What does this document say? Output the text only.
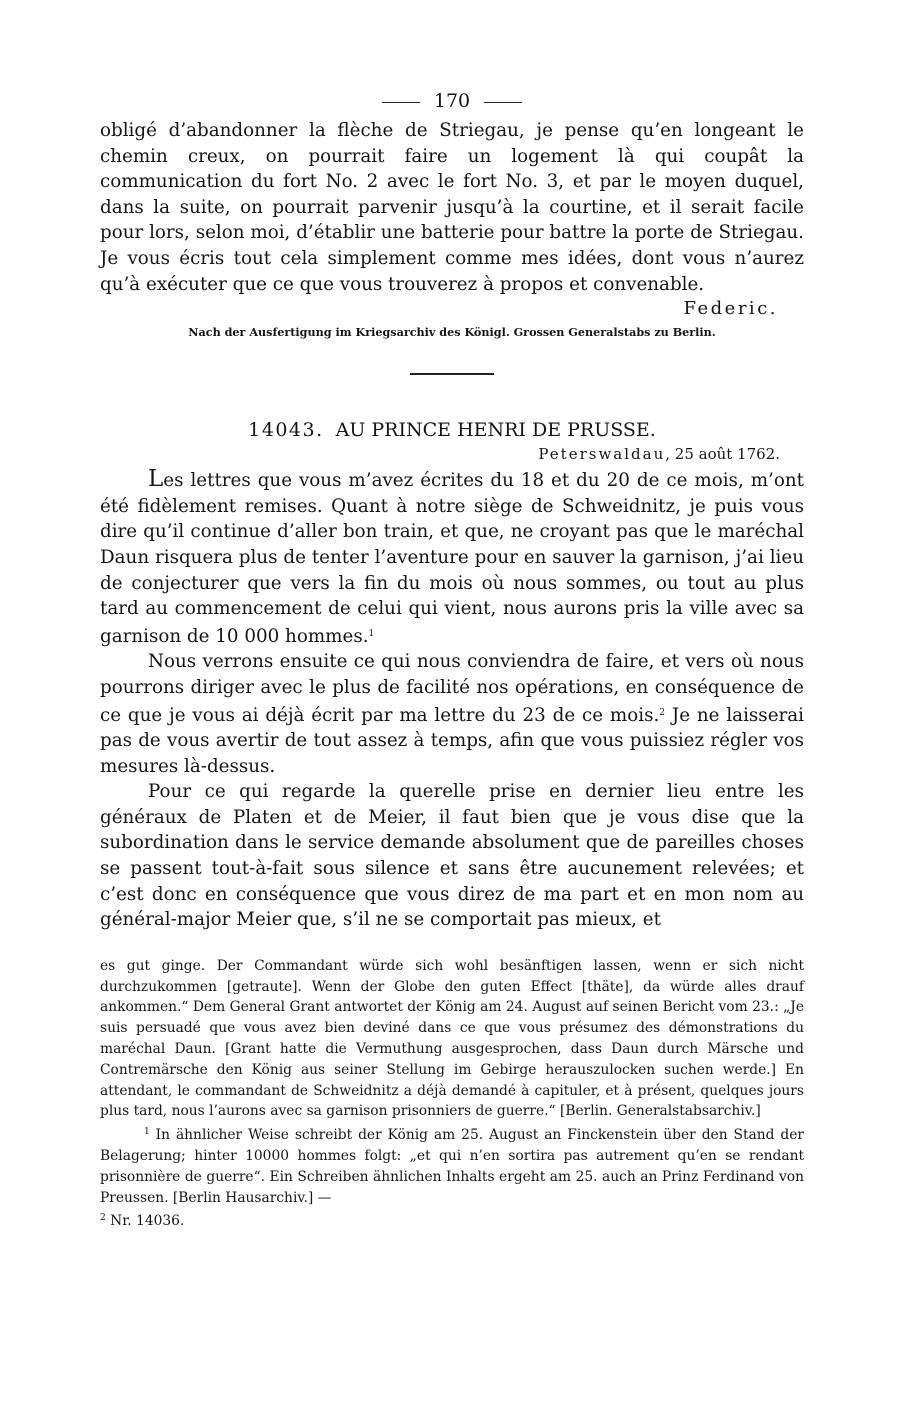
170

obligé d’abandonner la flèche de Striegau, je pense qu’en longeant le chemin creux, on pourrait faire un logement là qui coupât la communication du fort No. 2 avec le fort No. 3, et par le moyen duquel, dans la suite, on pourrait parvenir jusqu’à la courtine, et il serait facile pour lors, selon moi, d’établir une batterie pour battre la porte de Striegau. Je vous écris tout cela simplement comme mes idées, dont vous n’aurez qu’à exécuter que ce que vous trouverez à propos et convenable.

Federic.
Nach der Ausfertigung im Kriegsarchiv des Königl. Grossen Generalstabs zu Berlin.
14043. AU PRINCE HENRI DE PRUSSE.
Peterswaldau, 25 août 1762.

Les lettres que vous m’avez écrites du 18 et du 20 de ce mois, m’ont été fidèlement remises. Quant à notre siège de Schweidnitz, je puis vous dire qu’il continue d’aller bon train, et que, ne croyant pas que le maréchal Daun risquera plus de tenter l’aventure pour en sauver la garnison, j’ai lieu de conjecturer que vers la fin du mois où nous sommes, ou tout au plus tard au commencement de celui qui vient, nous aurons pris la ville avec sa garnison de 10 000 hommes.$^1$

Nous verrons ensuite ce qui nous conviendra de faire, et vers où nous pourrons diriger avec le plus de facilité nos opérations, en conséquence de ce que je vous ai déjà écrit par ma lettre du 23 de ce mois.$^2$ Je ne laisserai pas de vous avertir de tout assez à temps, afin que vous puissiez régler vos mesures là-dessus.

Pour ce qui regarde la querelle prise en dernier lieu entre les généraux de Platen et de Meier, il faut bien que je vous dise que la subordination dans le service demande absolument que de pareilles choses se passent tout-à-fait sous silence et sans être aucunement relevées; et c’est donc en conséquence que vous direz de ma part et en mon nom au général-major Meier que, s’il ne se comportait pas mieux, et

es gut ginge. Der Commandant würde sich wohl besänftigen lassen, wenn er sich nicht durchzukommen [getraute]. Wenn der Globe den guten Effect [thäte], da würde alles drauf ankommen.“ Dem General Grant antwortet der König am 24. August auf seinen Bericht vom 23.: „Je suis persuadé que vous avez bien deviné dans ce que vous présumez des démonstrations du maréchal Daun. [Grant hatte die Vermuthung ausgesprochen, dass Daun durch Märsche und Contremärsche den König aus seiner Stellung im Gebirge herauszulocken suchen werde.] En attendant, le commandant de Schweidnitz a déjà demandé à capituler, et à présent, quelques jours plus tard, nous l’aurons avec sa garnison prisonniers de guerre.“ [Berlin. Generalstabsarchiv.]

$^1$ In ähnlicher Weise schreibt der König am 25. August an Finckenstein über den Stand der Belagerung; hinter 10000 hommes folgt: „et qui n’en sortira pas autrement qu’en se rendant prisonnière de guerre“. Ein Schreiben ähnlichen Inhalts ergeht am 25. auch an Prinz Ferdinand von Preussen. [Berlin Hausarchiv.] —

$^2$ Nr. 14036.
